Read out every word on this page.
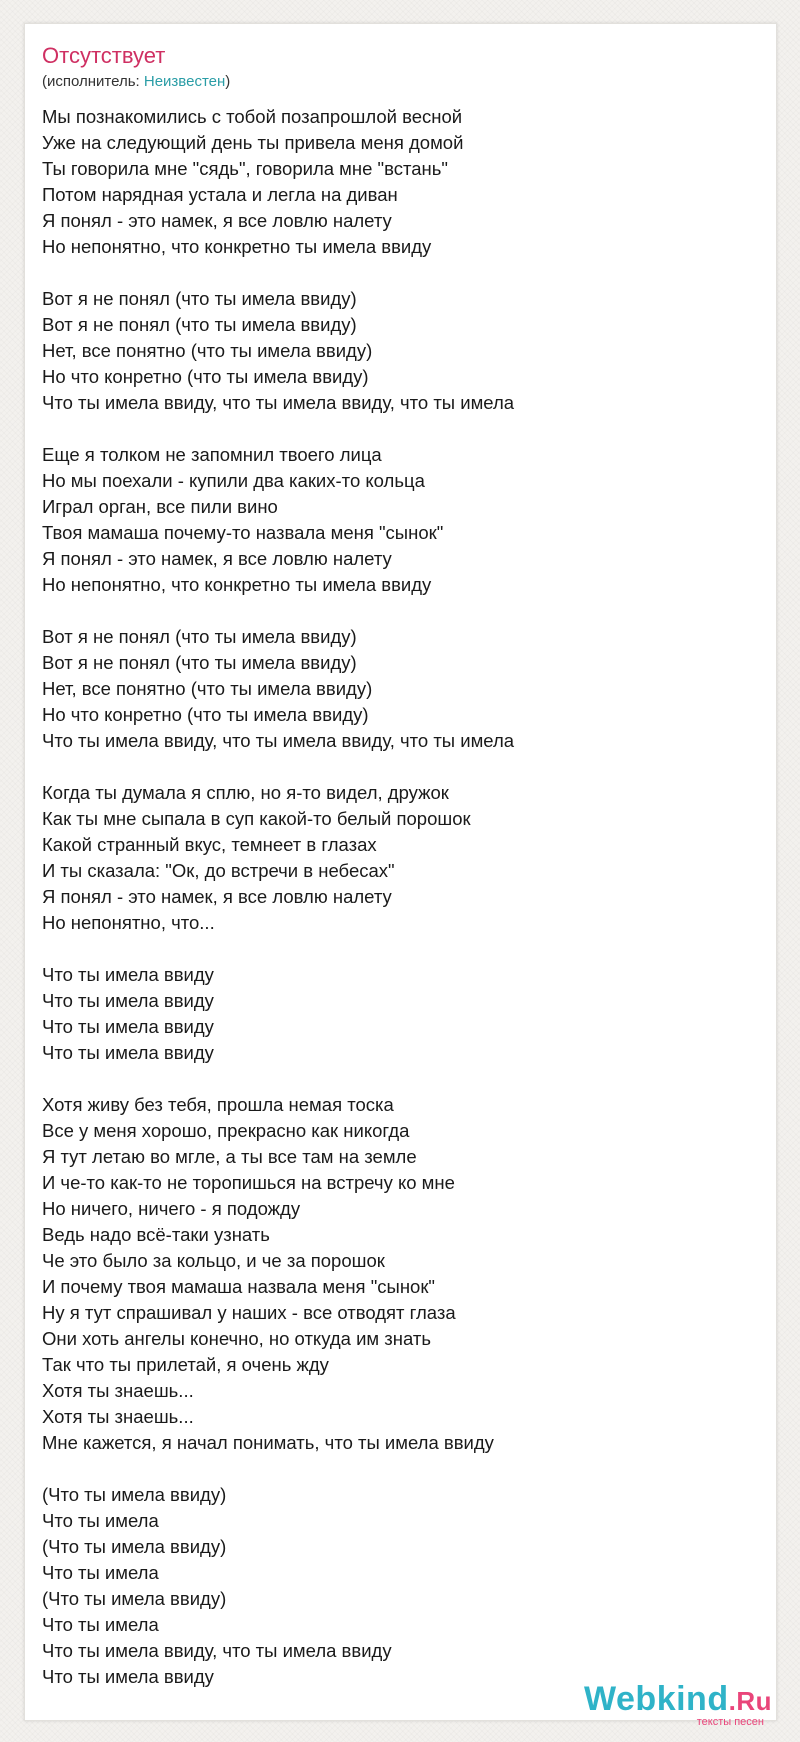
Отсутствует
(исполнитель: Неизвестен)

Мы познакомились с тобой позапрошлой весной
Уже на следующий день ты привела меня домой
Ты говорила мне "сядь", говорила мне "встань"
Потом нарядная устала и легла на диван
Я понял - это намек, я все ловлю налету
Но непонятно, что конкретно ты имела ввиду

Вот я не понял (что ты имела ввиду)
Вот я не понял (что ты имела ввиду)
Нет, все понятно (что ты имела ввиду)
Но что конретно (что ты имела ввиду)
Что ты имела ввиду, что ты имела ввиду, что ты имела

Еще я толком не запомнил твоего лица
Но мы поехали - купили два каких-то кольца
Играл орган, все пили вино
Твоя мамаша почему-то назвала меня "сынок"
Я понял - это намек, я все ловлю налету
Но непонятно, что конкретно ты имела ввиду

Вот я не понял (что ты имела ввиду)
Вот я не понял (что ты имела ввиду)
Нет, все понятно (что ты имела ввиду)
Но что конретно (что ты имела ввиду)
Что ты имела ввиду, что ты имела ввиду, что ты имела

Когда ты думала я сплю, но я-то видел, дружок
Как ты мне сыпала в суп какой-то белый порошок
Какой странный вкус, темнеет в глазах
И ты сказала: "Ок, до встречи в небесах"
Я понял - это намек, я все ловлю налету
Но непонятно, что...

Что ты имела ввиду
Что ты имела ввиду
Что ты имела ввиду
Что ты имела ввиду

Хотя живу без тебя, прошла немая тоска
Все у меня хорошо, прекрасно как никогда
Я тут летаю во мгле, а ты все там на земле
И че-то как-то не торопишься на встречу ко мне
Но ничего, ничего - я подожду
Ведь надо всё-таки узнать
Че это было за кольцо, и че за порошок
И почему твоя мамаша назвала меня "сынок"
Ну я тут спрашивал у наших - все отводят глаза
Они хоть ангелы конечно, но откуда им знать
Так что ты прилетай, я очень жду
Хотя ты знаешь...
Хотя ты знаешь...
Мне кажется, я начал понимать, что ты имела ввиду

(Что ты имела ввиду)
Что ты имела
(Что ты имела ввиду)
Что ты имела
(Что ты имела ввиду)
Что ты имела
Что ты имела ввиду, что ты имела ввиду
Что ты имела ввиду

Webkind.Ru
тексты песен
